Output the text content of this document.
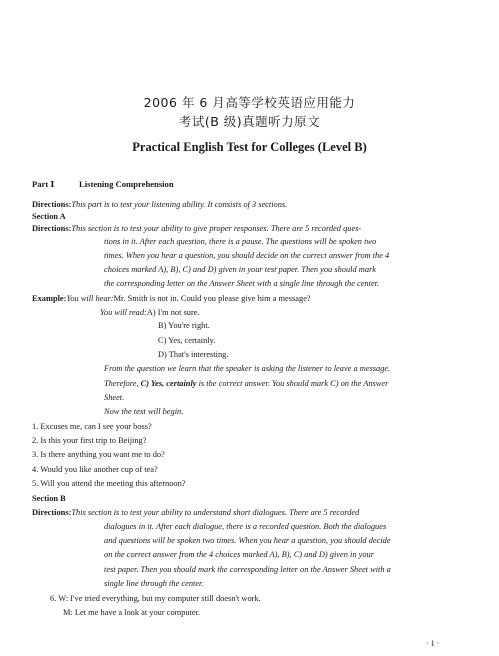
2006 年 6 月高等学校英语应用能力
考试(B 级)真题听力原文
Practical English Test for Colleges (Level B)
Part Ⅰ	Listening Comprehension
Directions:This part is to test your listening ability. It consists of 3 sections.
Section A
Directions:This section is to test your ability to give proper responses. There are 5 recorded ques-
tions in it. After each question, there is a pause. The questions will be spoken two
times. When you hear a question, you should decide on the correct answer from the 4
choices marked A), B), C) and D) given in your test paper. Then you should mark
the corresponding letter on the Answer Sheet with a single line through the center.
Example:You will hear:Mr. Smith is not in. Could you please give him a message?
You will read:A) I'm not sure.
B) You're right.
C) Yes, certainly.
D) That's interesting.
From the question we learn that the speaker is asking the listener to leave a message.
Therefore, C) Yes, certainly is the correct answer. You should mark C) on the Answer
Sheet.
Now the text will begin.
1. Excuses me, can I see your boss?
2. Is this your first trip to Beijing?
3. Is there anything you want me to do?
4. Would you like another cup of tea?
5. Will you attend the meeting this afternoon?
Section B
Directions:This section is to test your ability to understand short dialogues. There are 5 recorded
dialogues in it. After each dialogue, there is a recorded question. Both the dialogues
and questions will be spoken two times. When you hear a question, you should decide
on the correct answer from the 4 choices marked A), B), C) and D) given in your
test paper. Then you should mark the corresponding letter on the Answer Sheet with a
single line through the center.
6. W: I've tried everything, but my computer still doesn't work.
M: Let me have a look at your computer.
· 1 ·
